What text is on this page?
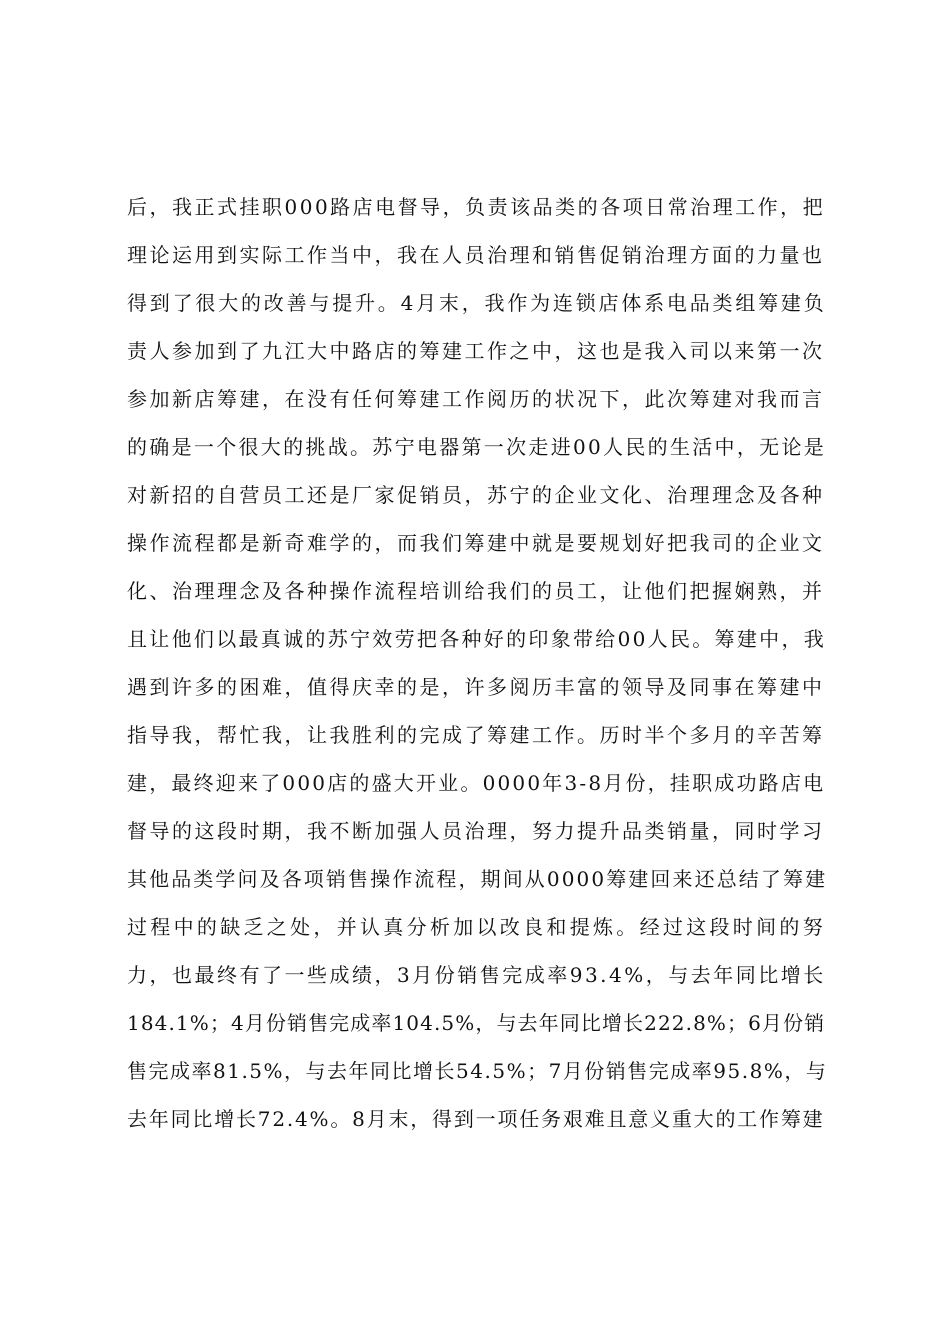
后，我正式挂职000路店电督导，负责该品类的各项日常治理工作，把
理论运用到实际工作当中，我在人员治理和销售促销治理方面的力量也
得到了很大的改善与提升。4月末，我作为连锁店体系电品类组筹建负
责人参加到了九江大中路店的筹建工作之中，这也是我入司以来第一次
参加新店筹建，在没有任何筹建工作阅历的状况下，此次筹建对我而言
的确是一个很大的挑战。苏宁电器第一次走进00人民的生活中，无论是
对新招的自营员工还是厂家促销员，苏宁的企业文化、治理理念及各种
操作流程都是新奇难学的，而我们筹建中就是要规划好把我司的企业文
化、治理理念及各种操作流程培训给我们的员工，让他们把握娴熟，并
且让他们以最真诚的苏宁效劳把各种好的印象带给00人民。筹建中，我
遇到许多的困难，值得庆幸的是，许多阅历丰富的领导及同事在筹建中
指导我，帮忙我，让我胜利的完成了筹建工作。历时半个多月的辛苦筹
建，最终迎来了000店的盛大开业。0000年3-8月份，挂职成功路店电
督导的这段时期，我不断加强人员治理，努力提升品类销量，同时学习
其他品类学问及各项销售操作流程，期间从0000筹建回来还总结了筹建
过程中的缺乏之处，并认真分析加以改良和提炼。经过这段时间的努
力，也最终有了一些成绩，3月份销售完成率93.4%，与去年同比增长
184.1%；4月份销售完成率104.5%，与去年同比增长222.8%；6月份销
售完成率81.5%，与去年同比增长54.5%；7月份销售完成率95.8%，与
去年同比增长72.4%。8月末，得到一项任务艰难且意义重大的工作筹建
